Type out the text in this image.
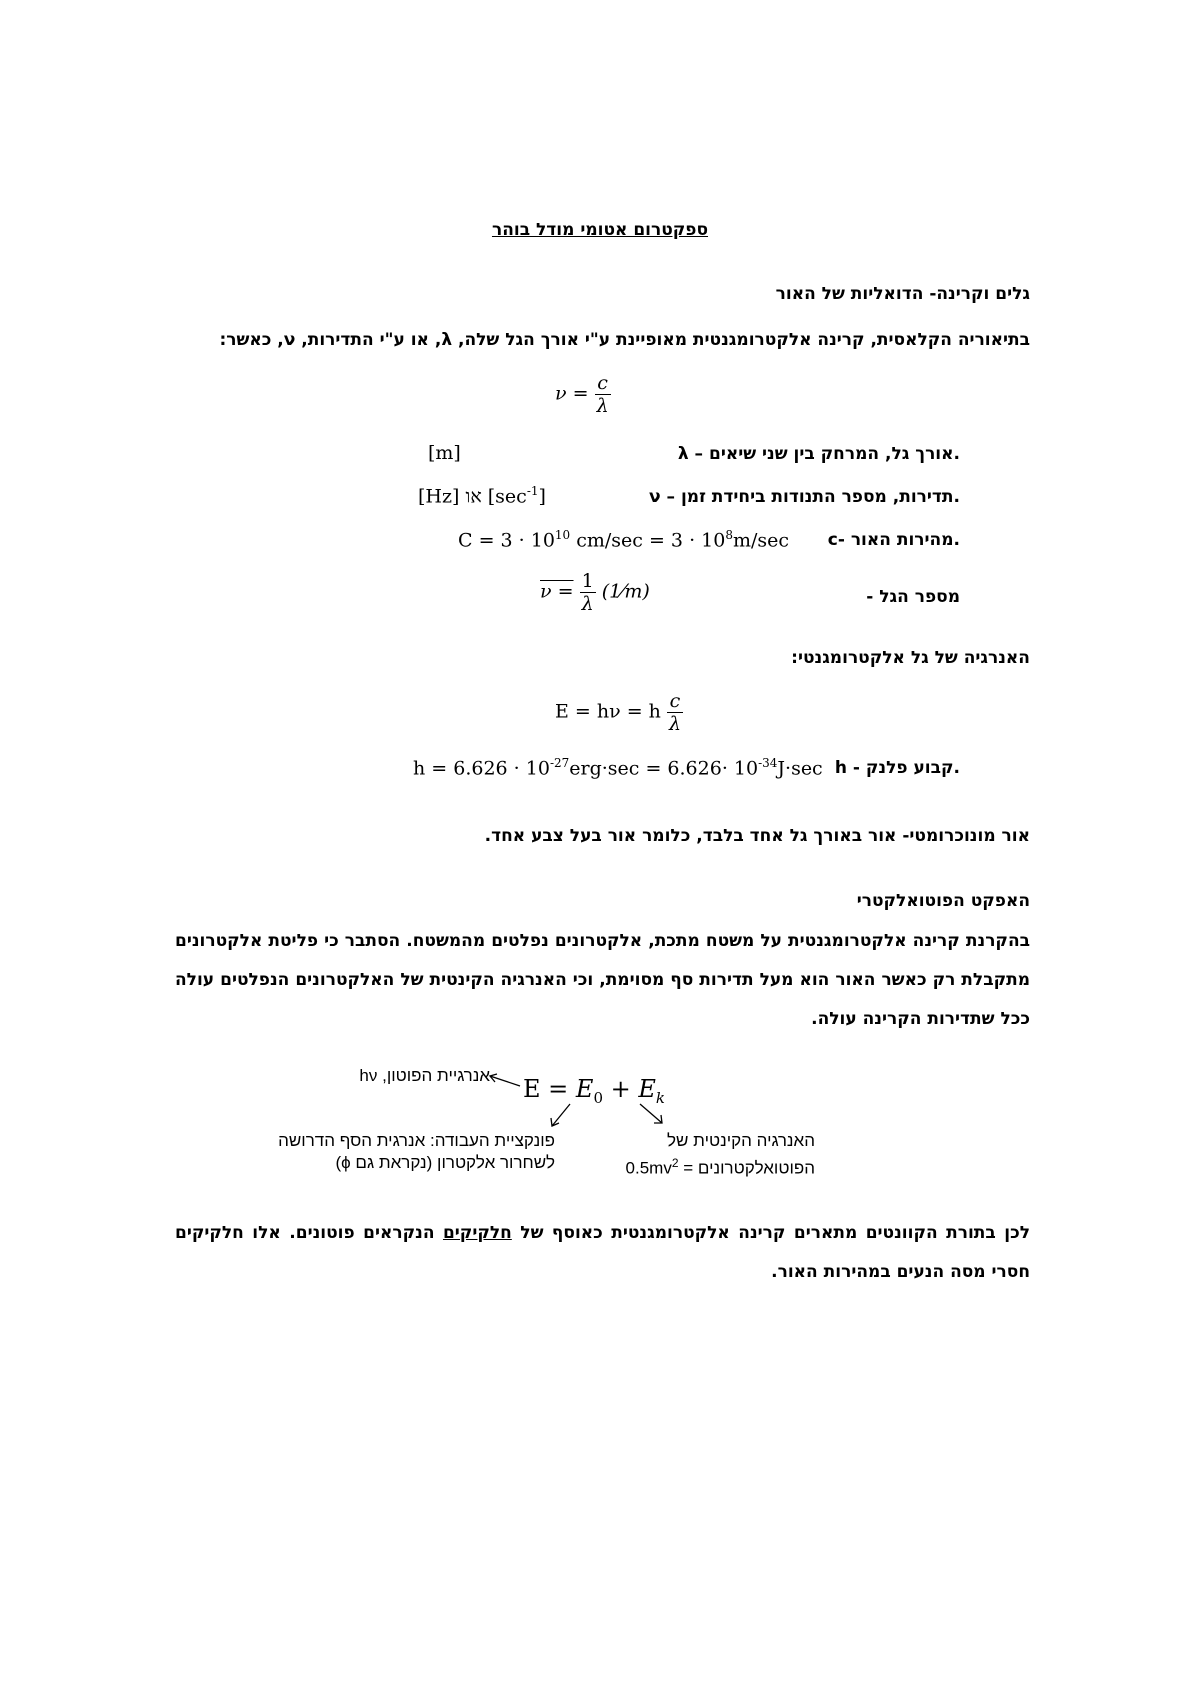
ספקטרום אטומי מודל בוהר
גלים וקרינה- הדואליות של האור
בתיאוריה הקלאסית, קרינה אלקטרומגנטית מאופיינת ע"י אורך הגל שלה, λ, או ע"י התדירות, ν, כאשר:
$\nu = \frac{c}{\lambda}$
λ – אורך גל, המרחק בין שני שיאים.
[m]
ν – תדירות, מספר התנודות ביחידת זמן.
[Hz] או $[\sec^{-1}]$
c- מהירות האור.
$C = 3 \cdot 10^{10}$ $cm/\sec = 3 \cdot 10^8m/\sec$
מספר הגל -
$\nu = \frac{1}{\lambda}$ (1⁄m)
האנרגיה של גל אלקטרומגנטי:
E = hν = h $\frac{c}{\lambda}$
h - קבוע פלנק.
$h = 6.626 \cdot 10^{-27}erg\cdot\sec = 6.626\cdot 10^{-34}J\cdot\sec$
אור מונוכרומטי- אור באורך גל אחד בלבד, כלומר אור בעל צבע אחד.
האפקט הפוטואלקטרי
בהקרנת קרינה אלקטרומגנטית על משטח מתכת, אלקטרונים נפלטים מהמשטח. הסתבר כי פליטת אלקטרונים מתקבלת רק כאשר האור הוא מעל תדירות סף מסוימת, וכי האנרגיה הקינטית של האלקטרונים הנפלטים עולה ככל שתדירות הקרינה עולה.
$E = E_0 + E_k$
אנרגיית הפוטון, hν
פונקציית העבודה: אנרגית הסף הדרושה
לשחרור אלקטרון (נקראת גם ϕ)
האנרגיה הקינטית של
הפוטואלקטרונים = $0.5mv^2$
לכן בתורת הקוונטים מתארים קרינה אלקטרומגנטית כאוסף של חלקיקים הנקראים פוטונים. אלו חלקיקים חסרי מסה הנעים במהירות האור.
